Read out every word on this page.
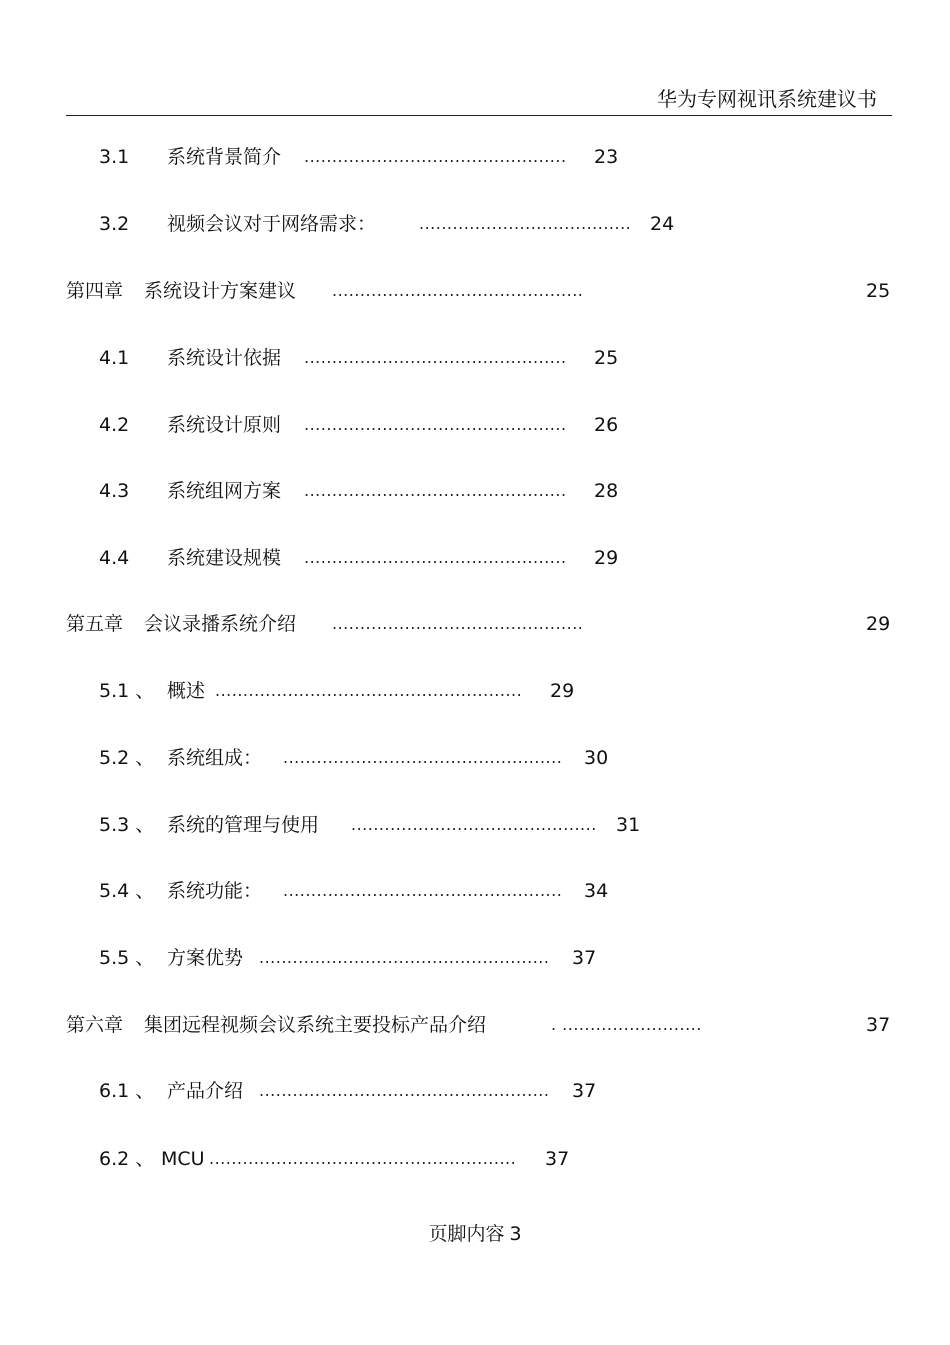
华为专网视讯系统建议书
3.1 系统背景简介 ............................................... 23
3.2 视频会议对于网络需求：	...................................... 24
第四章 系统设计方案建议 .............................................	25
4.1 系统设计依据 ............................................... 25
4.2 系统设计原则 ............................................... 26
4.3 系统组网方案 ............................................... 28
4.4 系统建设规模 ............................................... 29
第五章 会议录播系统介绍 .............................................	29
5.1 、 概述 ....................................................... 29
5.2 、 系统组成： .................................................. 30
5.3 、 系统的管理与使用 ............................................ 31
5.4 、 系统功能： .................................................. 34
5.5 、 方案优势 .................................................... 37
第六章 集团远程视频会议系统主要投标产品介绍	. .........................	37
6.1 、 产品介绍 .................................................... 37
6.2 、 MCU ....................................................... 37
页脚内容 3
